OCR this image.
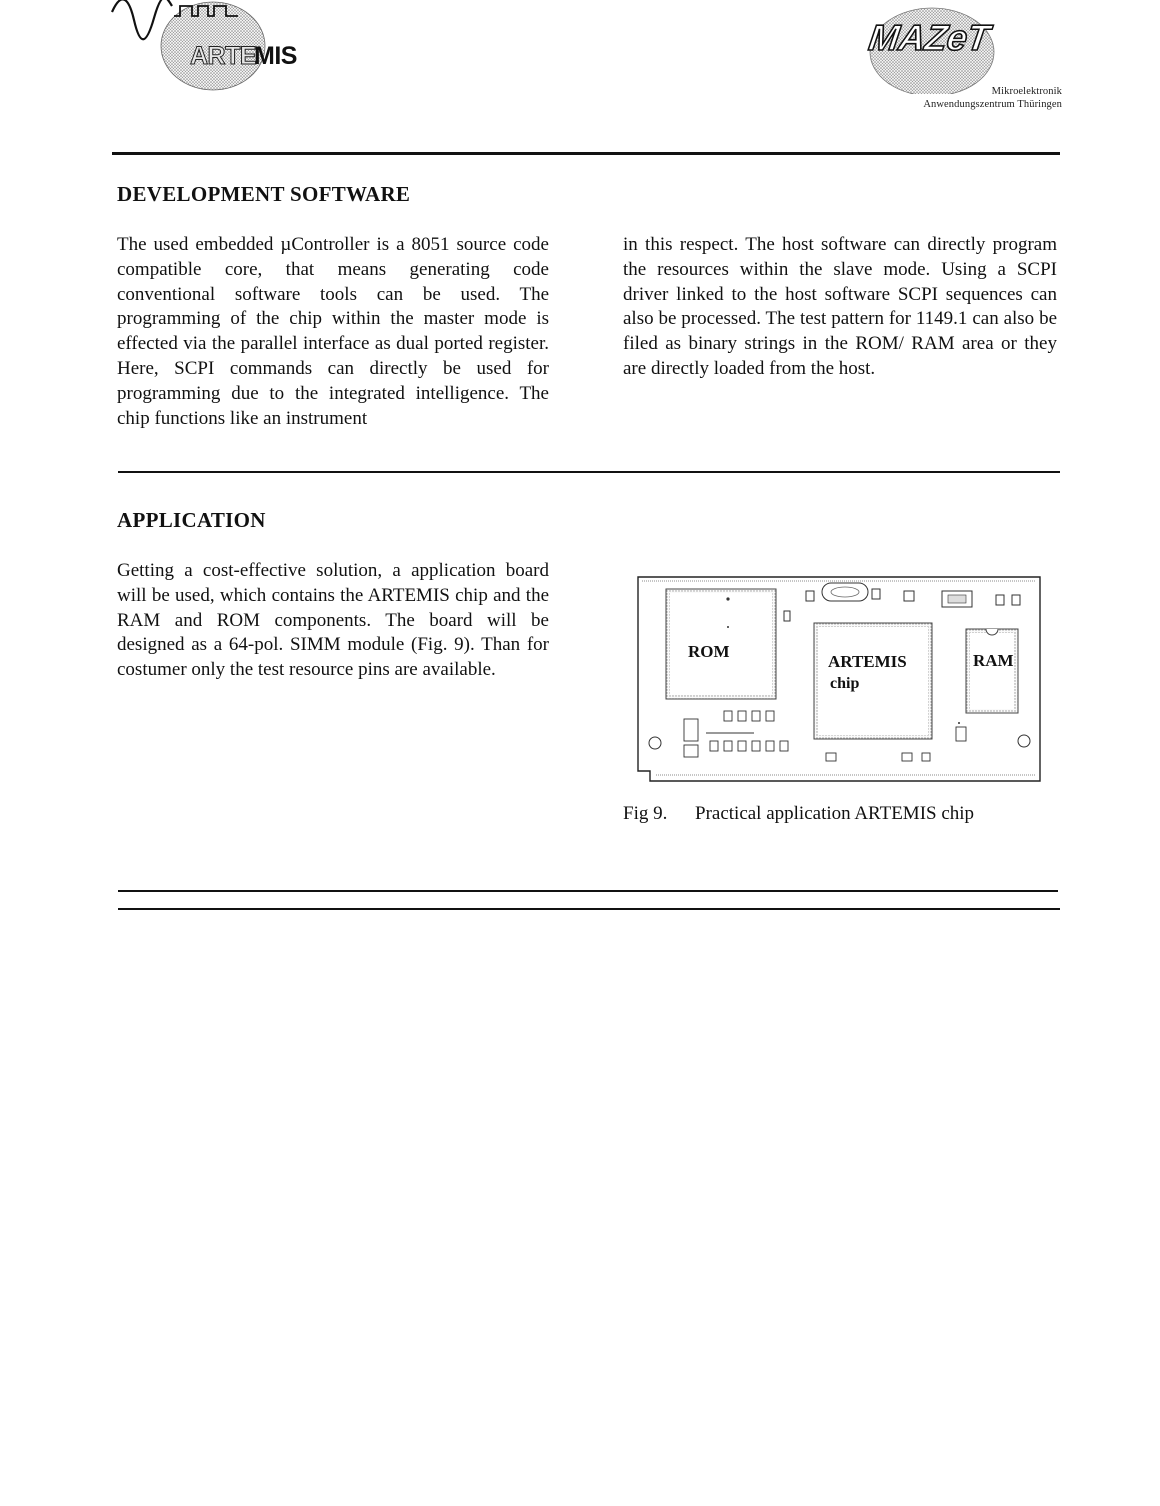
ARTE
MIS	MAZeT
Mikroelektronik
Anwendungszentrum Thüringen
DEVELOPMENT SOFTWARE

The used embedded µController is a 8051 source code compatible core, that means generating code conventional software tools can be used. The programming of the chip within the master mode is effected via the parallel interface as dual ported register. Here, SCPI commands can directly be used for programming due to the integrated intelligence. The chip functions like an instrument

in this respect. The host software can directly program the resources within the slave mode. Using a SCPI driver linked to the host software SCPI sequences can also be processed. The test pattern for 1149.1 can also be filed as binary strings in the ROM/ RAM area or they are directly loaded from the host.

APPLICATION

Getting a cost-effective solution, a application board will be used, which contains the ARTEMIS chip and the RAM and ROM components. The board will be designed as a 64-pol. SIMM module (Fig. 9). Than for costumer only the test resource pins are available.

ROM
ARTEMIS
chip
RAM
Fig 9. Practical application ARTEMIS chip
